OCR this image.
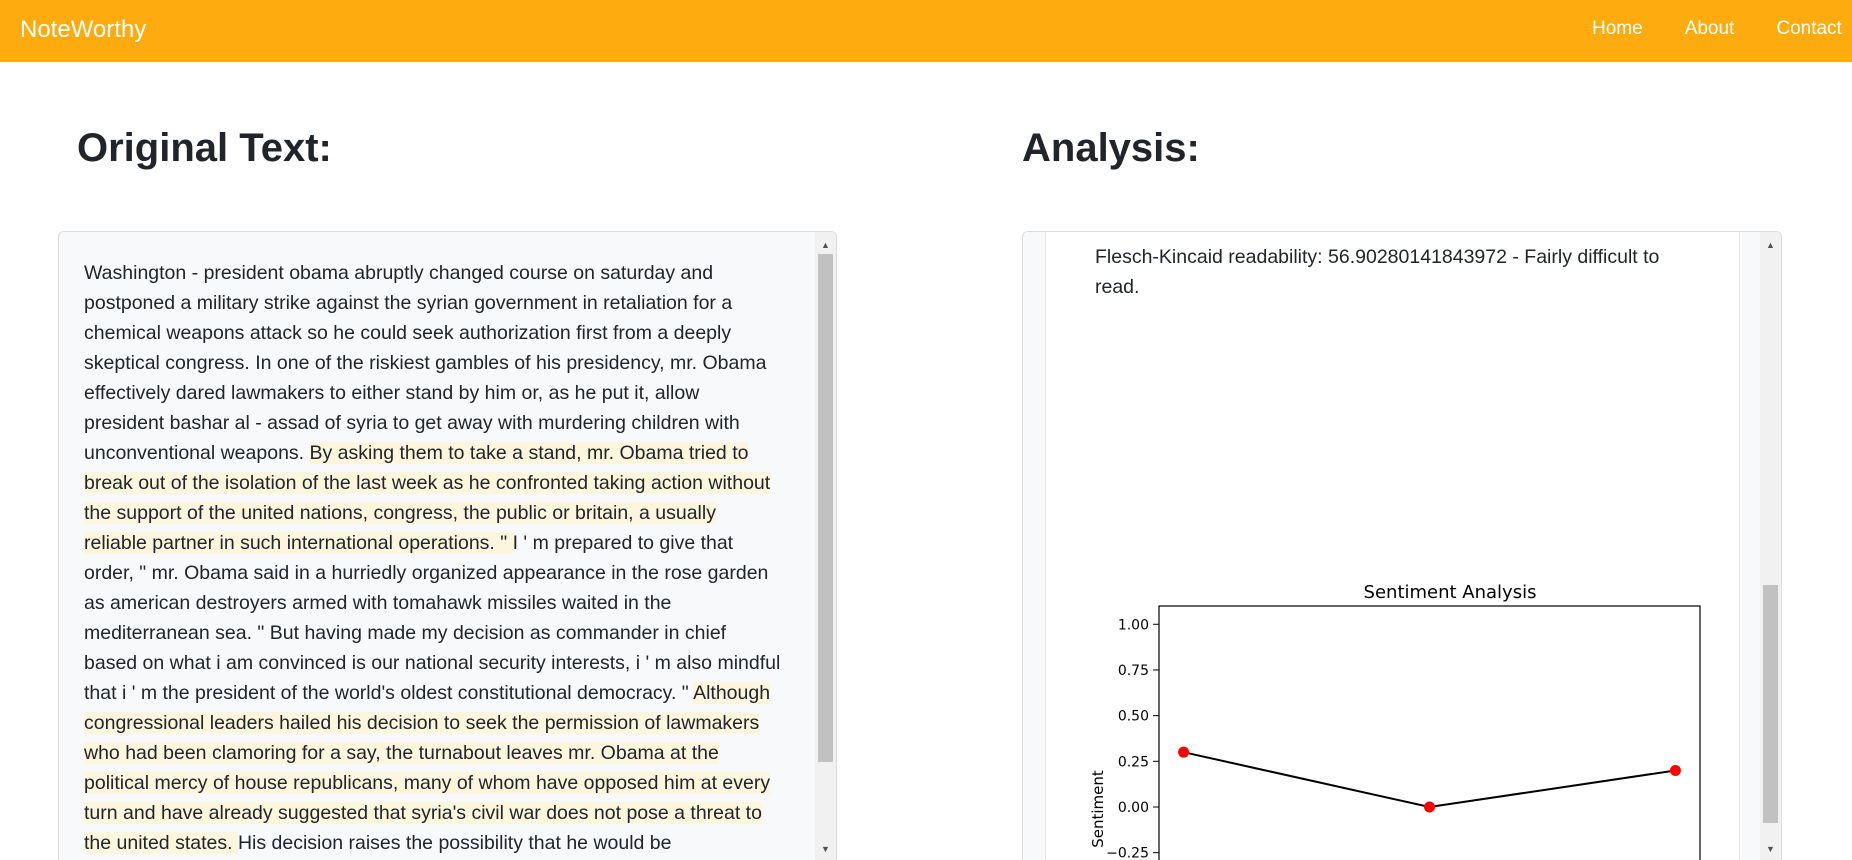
NoteWorthy	Home About Contact
Original Text:	Analysis:

Washington - president obama abruptly changed course on saturday and postponed a military strike against the syrian government in retaliation for a chemical weapons attack so he could seek authorization first from a deeply skeptical congress. In one of the riskiest gambles of his presidency, mr. Obama effectively dared lawmakers to either stand by him or, as he put it, allow president bashar al - assad of syria to get away with murdering children with unconventional weapons. By asking them to take a stand, mr. Obama tried to break out of the isolation of the last week as he confronted taking action without the support of the united nations, congress, the public or britain, a usually reliable partner in such international operations. " I ' m prepared to give that order, " mr. Obama said in a hurriedly organized appearance in the rose garden as american destroyers armed with tomahawk missiles waited in the mediterranean sea. " But having made my decision as commander in chief based on what i am convinced is our national security interests, i ' m also mindful that i ' m the president of the world's oldest constitutional democracy. " Although congressional leaders hailed his decision to seek the permission of lawmakers who had been clamoring for a say, the turnabout leaves mr. Obama at the political mercy of house republicans, many of whom have opposed him at every turn and have already suggested that syria's civil war does not pose a threat to the united states. His decision raises the possibility that he would be

▲
▼

Flesch-Kincaid readability: 56.90280141843972 - Fairly difficult to read.

Sentiment Analysis
1.00
0.75
0.50
0.25
0.00
−0.25
Sentiment
▲
▼
